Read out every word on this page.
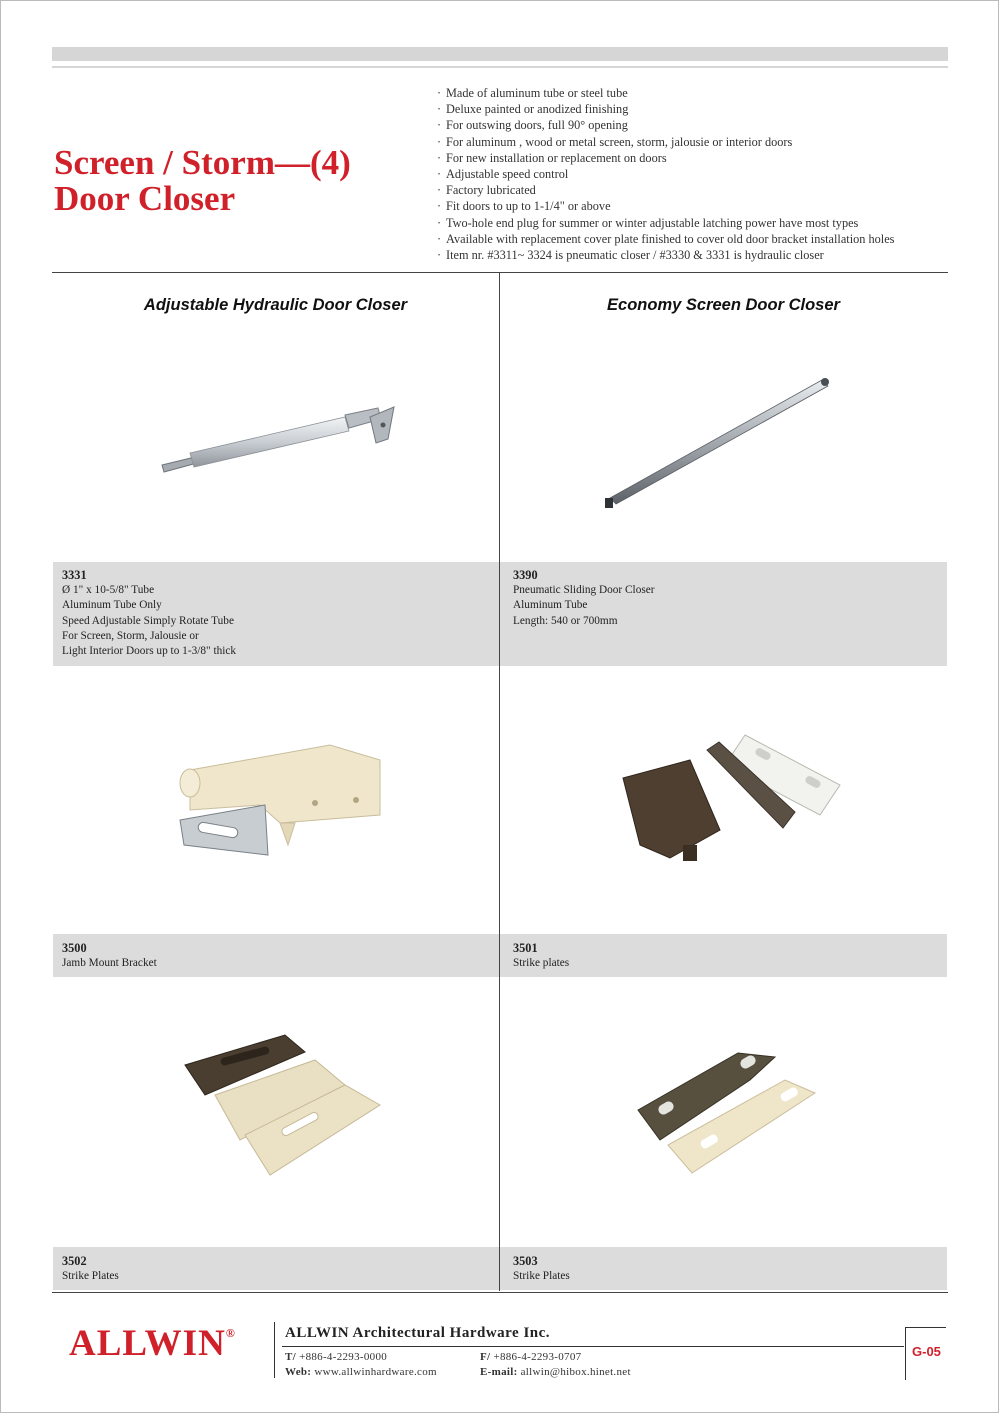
Screen / Storm—(4)
Door Closer
· Made of aluminum tube or steel tube
· Deluxe painted or anodized finishing
· For outswing doors, full 90° opening
· For aluminum , wood or metal screen, storm, jalousie or interior doors
· For new installation or replacement on doors
· Adjustable speed control
· Factory lubricated
· Fit doors to up to 1-1/4" or above
· Two-hole end plug for summer or winter adjustable latching power have most types
· Available with replacement cover plate finished to cover old door bracket installation holes
· Item nr. #3311~ 3324 is pneumatic closer / #3330 & 3331 is hydraulic closer
Adjustable Hydraulic Door Closer	Economy Screen Door Closer
3331
Ø 1" x 10-5/8" Tube
Aluminum Tube Only
Speed Adjustable Simply Rotate Tube
For Screen, Storm, Jalousie or
Light Interior Doors up to 1-3/8" thick
3390
Pneumatic Sliding Door Closer
Aluminum Tube
Length: 540 or 700mm
3500
Jamb Mount Bracket
3501
Strike plates
3502
Strike Plates
3503
Strike Plates
ALLWIN®	ALLWIN Architectural Hardware Inc.
T/ +886-4-2293-0000	F/ +886-4-2293-0707
Web: www.allwinhardware.com	E-mail: allwin@hibox.hinet.net
G-05
